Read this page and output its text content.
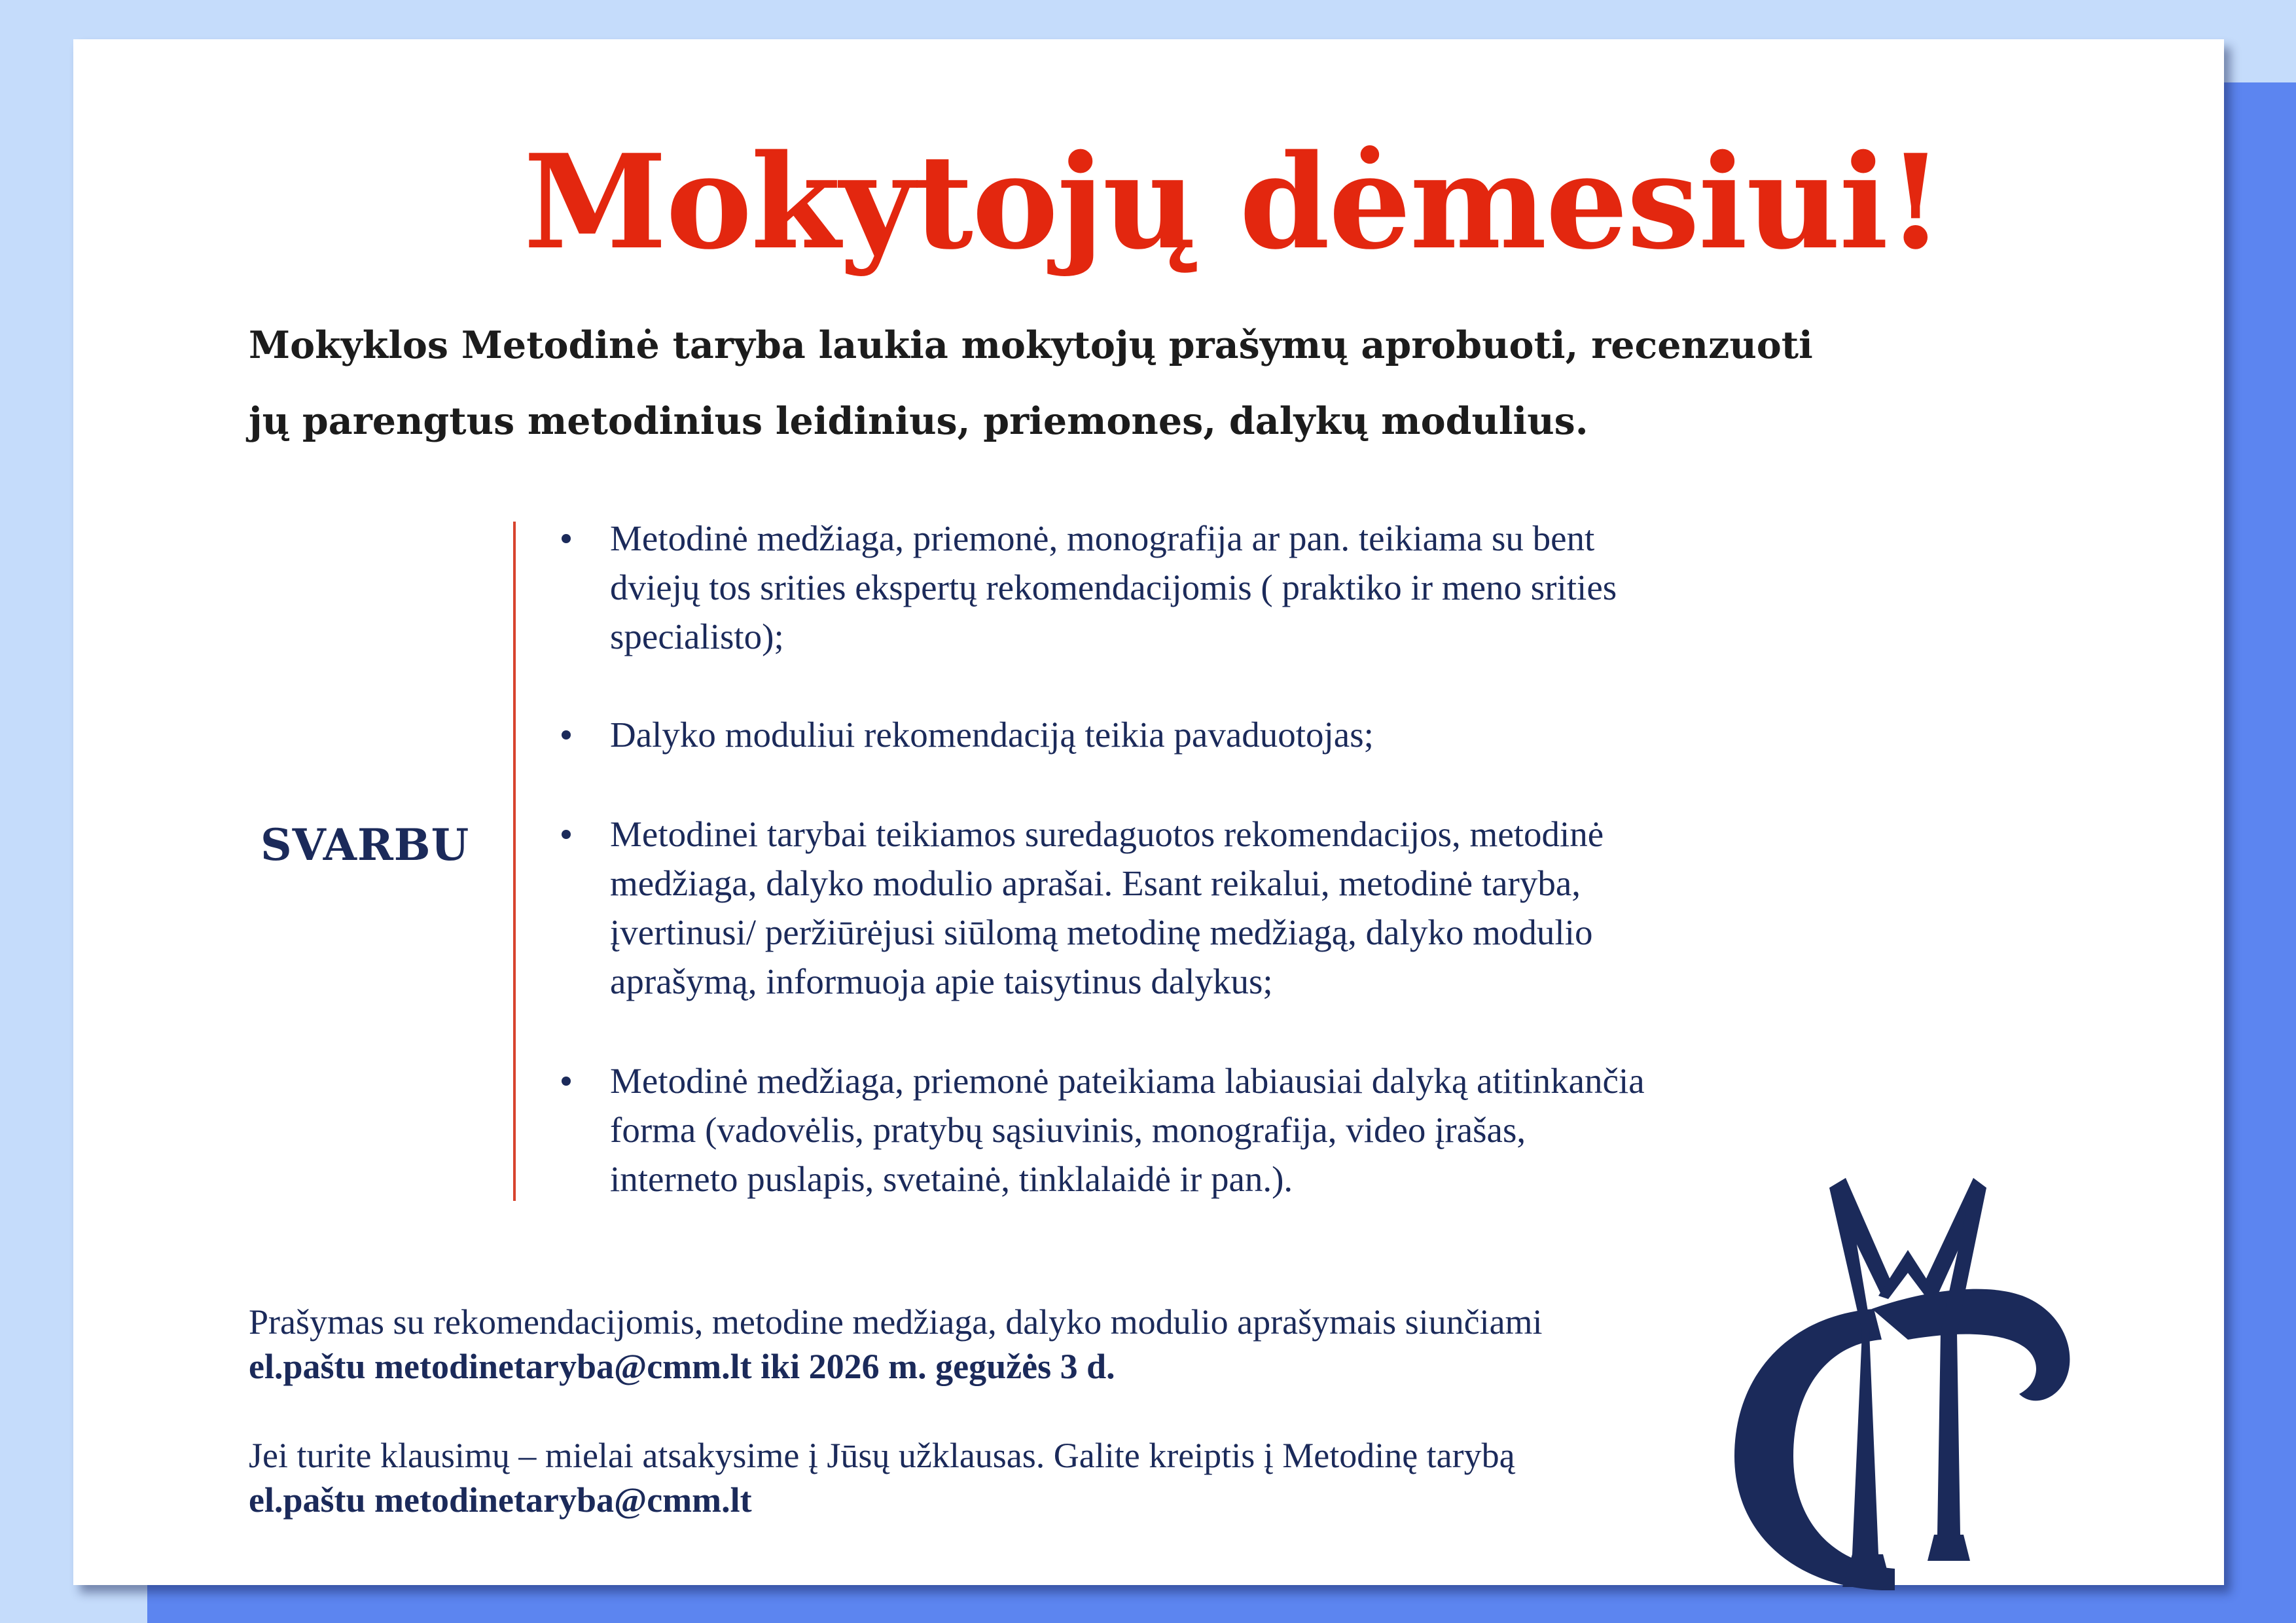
Mokytojų dėmesiui!
Mokyklos Metodinė taryba laukia mokytojų prašymų aprobuoti, recenzuoti
jų parengtus metodinius leidinius, priemones, dalykų modulius.
SVARBU
Metodinė medžiaga, priemonė, monografija ar pan. teikiama su bent
dviejų tos srities ekspertų rekomendacijomis ( praktiko ir meno srities
specialisto);
Dalyko moduliui rekomendaciją teikia pavaduotojas;
Metodinei tarybai teikiamos suredaguotos rekomendacijos, metodinė
medžiaga, dalyko modulio aprašai. Esant reikalui, metodinė taryba,
įvertinusi/ peržiūrėjusi siūlomą metodinę medžiagą, dalyko modulio
aprašymą, informuoja apie taisytinus dalykus;
Metodinė medžiaga, priemonė pateikiama labiausiai dalyką atitinkančia
forma (vadovėlis, pratybų sąsiuvinis, monografija, video įrašas,
interneto puslapis, svetainė, tinklalaidė ir pan.).
Prašymas su rekomendacijomis, metodine medžiaga, dalyko modulio aprašymais siunčiami
el.paštu metodinetaryba@cmm.lt iki 2026 m. gegužės 3 d.
Jei turite klausimų – mielai atsakysime į Jūsų užklausas. Galite kreiptis į Metodinę tarybą
el.paštu metodinetaryba@cmm.lt
